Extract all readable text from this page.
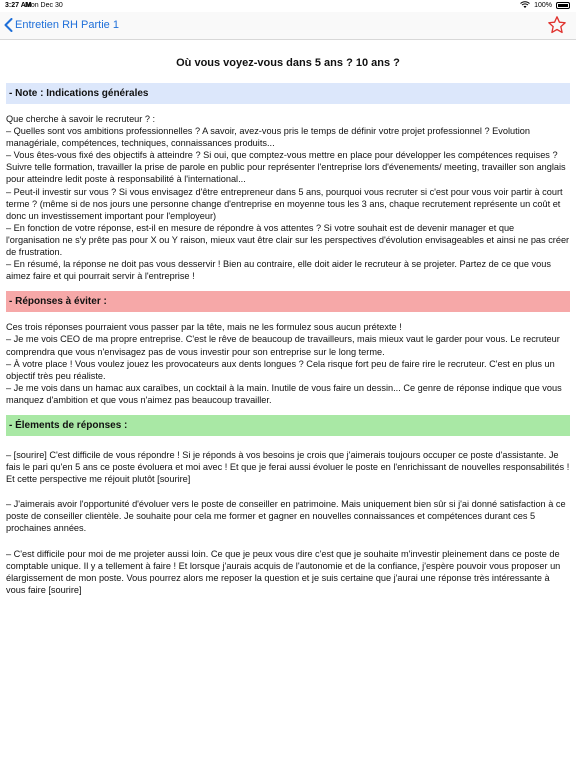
3:27 AM
Mon Dec 30	100%
Entretien RH Partie 1
Où vous voyez-vous dans 5 ans ? 10 ans ?
- Note : Indications générales

Que cherche à savoir le recruteur ? :

– Quelles sont vos ambitions professionnelles ? A savoir, avez-vous pris le temps de définir votre projet professionnel ? Evolution managériale, compétences, techniques, connaissances produits...

– Vous êtes-vous fixé des objectifs à atteindre ? Si oui, que comptez-vous mettre en place pour développer les compétences requises ? Suivre telle formation, travailler la prise de parole en public pour représenter l'entreprise lors d'évenements/ meeting, travailler son anglais pour atteindre ledit poste à responsabilité à l'international...

– Peut-il investir sur vous ? Si vous envisagez d'être entrepreneur dans 5 ans, pourquoi vous recruter si c'est pour vous voir partir à court terme ? (même si de nos jours une personne change d'entreprise en moyenne tous les 3 ans, chaque recrutement représente un coût et donc un investissement important pour l'employeur)

– En fonction de votre réponse, est-il en mesure de répondre à vos attentes ? Si votre souhait est de devenir manager et que l'organisation ne s'y prête pas pour X ou Y raison, mieux vaut être clair sur les perspectives d'évolution envisageables et ainsi ne pas créer de frustration.

– En résumé, la réponse ne doit pas vous desservir ! Bien au contraire, elle doit aider le recruteur à se projeter. Partez de ce que vous aimez faire et qui pourrait servir à l'entreprise !

- Réponses à éviter :

Ces trois réponses pourraient vous passer par la tête, mais ne les formulez sous aucun prétexte !

– Je me vois CEO de ma propre entreprise. C'est le rêve de beaucoup de travailleurs, mais mieux vaut le garder pour vous. Le recruteur comprendra que vous n'envisagez pas de vous investir pour son entreprise sur le long terme.

– À votre place ! Vous voulez jouez les provocateurs aux dents longues ? Cela risque fort peu de faire rire le recruteur. C'est en plus un objectif très peu réaliste.

– Je me vois dans un hamac aux caraïbes, un cocktail à la main. Inutile de vous faire un dessin... Ce genre de réponse indique que vous manquez d'ambition et que vous n'aimez pas beaucoup travailler.

- Élements de réponses :

– [sourire] C'est difficile de vous répondre ! Si je réponds à vos besoins je crois que j'aimerais toujours occuper ce poste d'assistante. Je fais le pari qu'en 5 ans ce poste évoluera et moi avec ! Et que je ferai aussi évoluer le poste en l'enrichissant de nouvelles responsabilités ! Et cette perspective me réjouit plutôt [sourire]

– J'aimerais avoir l'opportunité d'évoluer vers le poste de conseiller en patrimoine. Mais uniquement bien sûr si j'ai donné satisfaction à ce poste de conseiller clientèle. Je souhaite pour cela me former et gagner en nouvelles connaissances et compétences durant ces 5 prochaines années.

– C'est difficile pour moi de me projeter aussi loin. Ce que je peux vous dire c'est que je souhaite m'investir pleinement dans ce poste de comptable unique. Il y a tellement à faire ! Et lorsque j'aurais acquis de l'autonomie et de la confiance, j'espère pouvoir vous proposer un élargissement de mon poste. Vous pourrez alors me reposer la question et je suis certaine que j'aurai une réponse très intéressante à vous faire [sourire]
